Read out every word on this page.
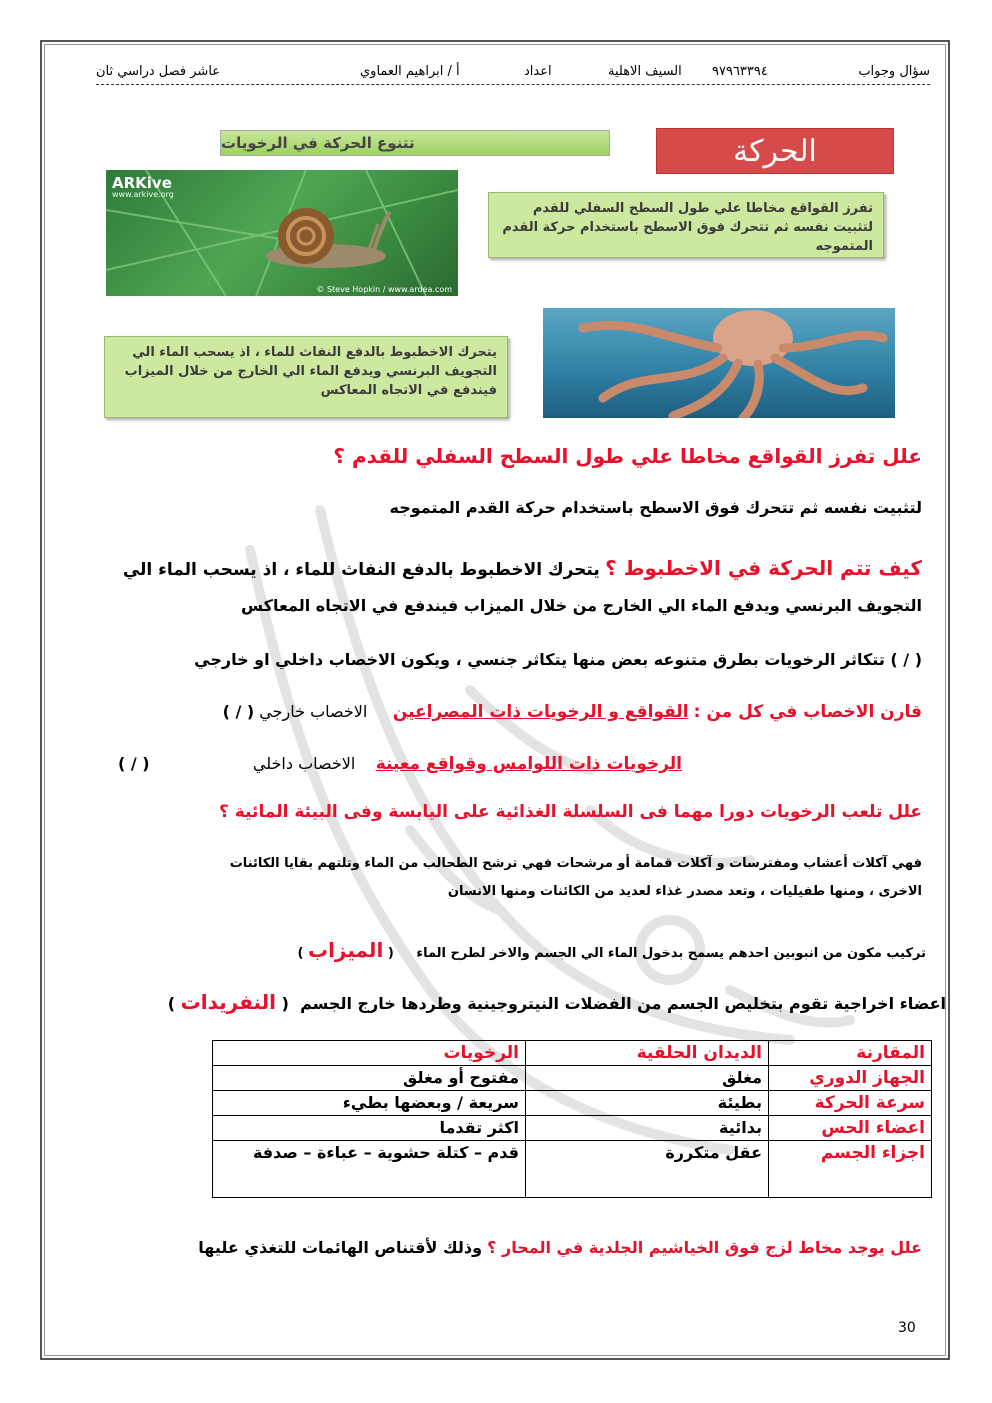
سؤال وجواب
٩٧٩٦٣٣٩٤
السيف الاهلية
اعداد
أ / ابراهيم العماوي
عاشر فصل دراسي ثان
الحركة
تتنوع الحركة في الرخويات
ARKive
www.arkive.org
© Steve Hopkin / www.ardea.com
تفرز القواقع مخاطا علي طول السطح السفلي للقدم لتثبيت نفسه ثم تتحرك فوق الاسطح باستخدام حركة القدم المتموجه
يتحرك الاخطبوط بالدفع النفاث للماء ، اذ يسحب الماء الي التجويف البرنسي ويدفع الماء الي الخارج من خلال الميزاب فيندفع في الاتجاه المعاكس
علل تفرز القواقع مخاطا علي طول السطح السفلي للقدم ؟
لتثبيت نفسه ثم تتحرك فوق الاسطح باستخدام حركة القدم المتموجه
كيف تتم الحركة في الاخطبوط ؟ يتحرك الاخطبوط بالدفع النفاث للماء ، اذ يسحب الماء الي
التجويف البرنسي ويدفع الماء الي الخارج من خلال الميزاب فيندفع في الاتجاه المعاكس
( / ) تتكاثر الرخويات بطرق متنوعه بعض منها يتكاثر جنسي ، ويكون الاخصاب داخلي او خارجي
قارن الاخصاب في كل من : القواقع و الرخويات ذات المصراعين     الاخصاب خارجي ( / )
الرخويات ذات اللوامس وقواقع معينة    الاخصاب داخلي
( / )
علل تلعب الرخويات دورا مهما فى السلسلة الغذائية على اليابسة وفى البيئة المائية ؟
فهي آكلات أعشاب ومفترسات و آكلات قمامة أو مرشحات فهي ترشح الطحالب من الماء وتلتهم بقايا الكائنات
الاخرى ، ومنها طفيليات ، وتعد مصدر غذاء لعديد من الكائنات ومنها الانسان
تركيب مكون من انبوبين احدهم يسمح بدخول الماء الي الجسم والاخر لطرح الماء     ( الميزاب )
اعضاء اخراجية تقوم بتخليص الجسم من الفضلات النيتروجينية وطردها خارج الجسم  ( النفريدات )
المقارنة	الديدان الحلقية	الرخويات
الجهاز الدوري	مغلق	مفتوح أو مغلق
سرعة الحركة	بطيئة	سريعة / وبعضها بطيء
اعضاء الحس	بدائية	اكثر تقدما
اجزاء الجسم	عقل متكررة	قدم – كتلة حشوية – عباءة – صدفة
علل يوجد مخاط لزج فوق الخياشيم الجلدية في المحار ؟ وذلك لأقتناص الهائمات للتغذي عليها
30
